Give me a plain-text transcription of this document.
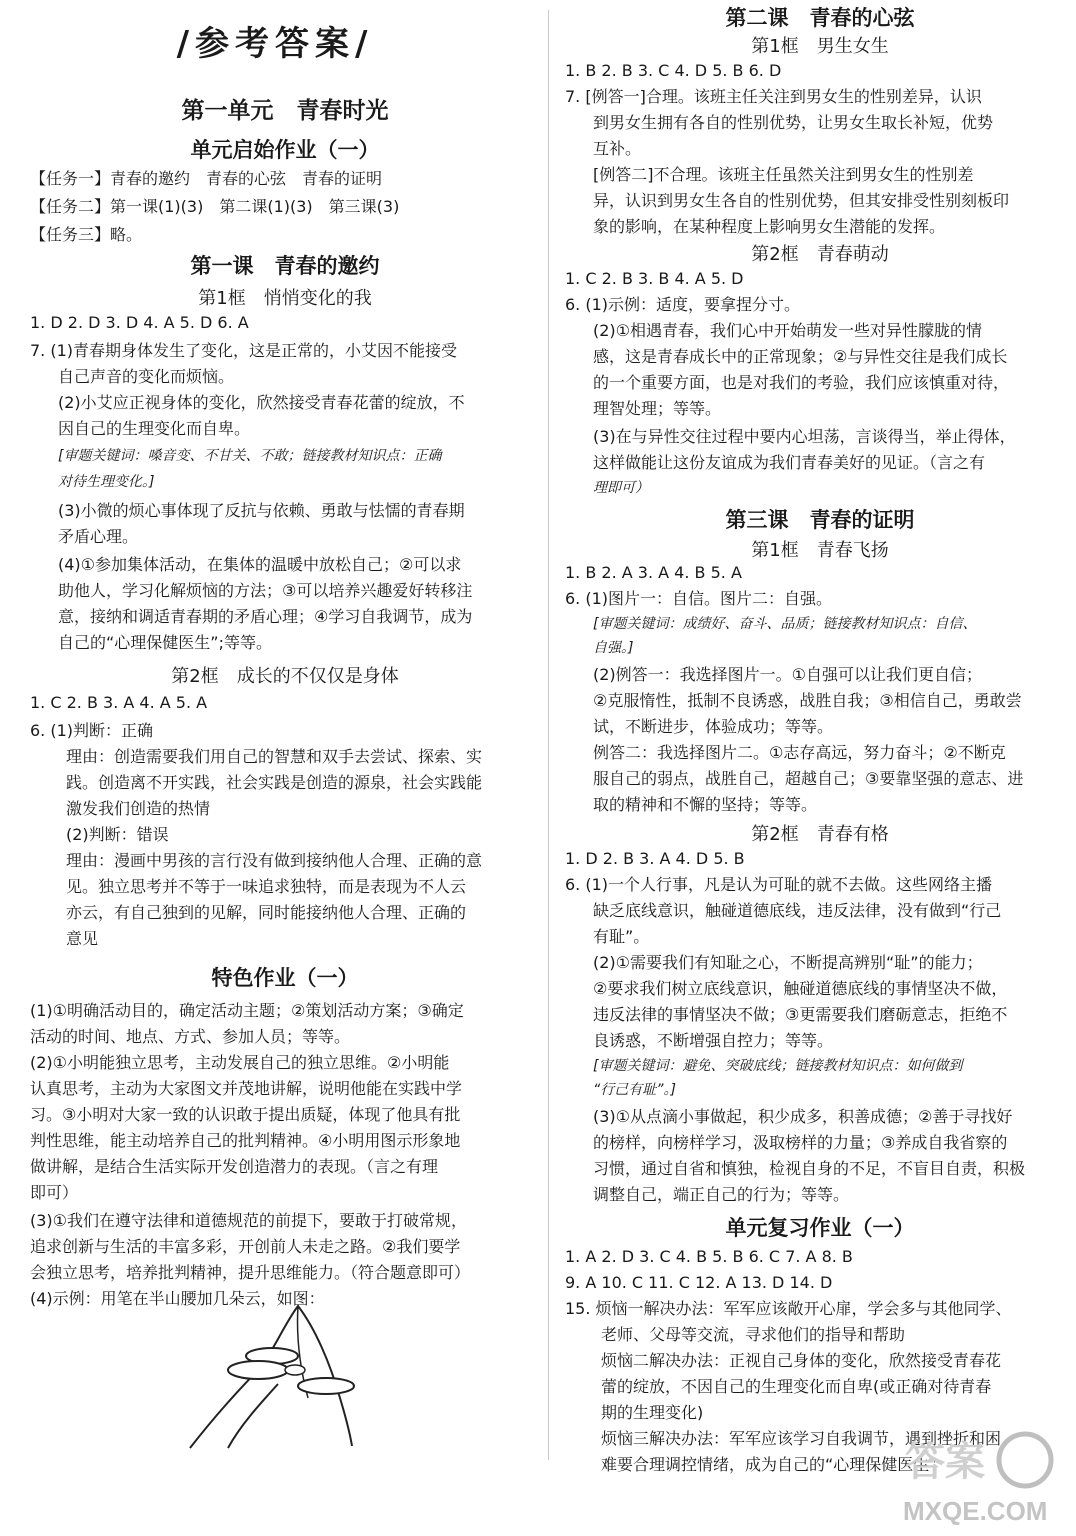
/参考答案/
第一单元　青春时光
单元启始作业（一）
【任务一】青春的邀约　青春的心弦　青春的证明
【任务二】第一课(1)(3)　第二课(1)(3)　第三课(3)
【任务三】略。
第一课　青春的邀约
第1框　悄悄变化的我
1. D 2. D 3. D 4. A 5. D 6. A
7. (1)青春期身体发生了变化，这是正常的，小艾因不能接受
自己声音的变化而烦恼。
(2)小艾应正视身体的变化，欣然接受青春花蕾的绽放，不
因自己的生理变化而自卑。
[审题关键词：嗓音变、不甘关、不敢；链接教材知识点：正确
对待生理变化。]
(3)小微的烦心事体现了反抗与依赖、勇敢与怯懦的青春期
矛盾心理。
(4)①参加集体活动，在集体的温暖中放松自己；②可以求
助他人，学习化解烦恼的方法；③可以培养兴趣爱好转移注
意，接纳和调适青春期的矛盾心理；④学习自我调节，成为
自己的“心理保健医生”;等等。
第2框　成长的不仅仅是身体
1. C 2. B 3. A 4. A 5. A
6. (1)判断：正确
理由：创造需要我们用自己的智慧和双手去尝试、探索、实
践。创造离不开实践，社会实践是创造的源泉，社会实践能
激发我们创造的热情
(2)判断：错误
理由：漫画中男孩的言行没有做到接纳他人合理、正确的意
见。独立思考并不等于一味追求独特，而是表现为不人云
亦云，有自己独到的见解，同时能接纳他人合理、正确的
意见
特色作业（一）
(1)①明确活动目的，确定活动主题；②策划活动方案；③确定
活动的时间、地点、方式、参加人员；等等。
(2)①小明能独立思考，主动发展自己的独立思维。②小明能
认真思考，主动为大家图文并茂地讲解，说明他能在实践中学
习。③小明对大家一致的认识敢于提出质疑，体现了他具有批
判性思维，能主动培养自己的批判精神。④小明用图示形象地
做讲解，是结合生活实际开发创造潜力的表现。（言之有理
即可）
(3)①我们在遵守法律和道德规范的前提下，要敢于打破常规，
追求创新与生活的丰富多彩，开创前人未走之路。②我们要学
会独立思考，培养批判精神，提升思维能力。（符合题意即可）
(4)示例：用笔在半山腰加几朵云，如图：
第二课　青春的心弦
第1框　男生女生
1. B 2. B 3. C 4. D 5. B 6. D
7. [例答一]合理。该班主任关注到男女生的性别差异，认识
到男女生拥有各自的性别优势，让男女生取长补短，优势
互补。
[例答二]不合理。该班主任虽然关注到男女生的性别差
异，认识到男女生各自的性别优势，但其安排受性别刻板印
象的影响，在某种程度上影响男女生潜能的发挥。
第2框　青春萌动
1. C 2. B 3. B 4. A 5. D
6. (1)示例：适度，要拿捏分寸。
(2)①相遇青春，我们心中开始萌发一些对异性朦胧的情
感，这是青春成长中的正常现象；②与异性交往是我们成长
的一个重要方面，也是对我们的考验，我们应该慎重对待，
理智处理；等等。
(3)在与异性交往过程中要内心坦荡，言谈得当，举止得体，
这样做能让这份友谊成为我们青春美好的见证。（言之有
理即可）
第三课　青春的证明
第1框　青春飞扬
1. B 2. A 3. A 4. B 5. A
6. (1)图片一：自信。图片二：自强。
[审题关键词：成绩好、奋斗、品质；链接教材知识点：自信、
自强。]
(2)例答一：我选择图片一。①自强可以让我们更自信；
②克服惰性，抵制不良诱惑，战胜自我；③相信自己，勇敢尝
试，不断进步，体验成功；等等。
例答二：我选择图片二。①志存高远，努力奋斗；②不断克
服自己的弱点，战胜自己，超越自己；③要靠坚强的意志、进
取的精神和不懈的坚持；等等。
第2框　青春有格
1. D 2. B 3. A 4. D 5. B
6. (1)一个人行事，凡是认为可耻的就不去做。这些网络主播
缺乏底线意识，触碰道德底线，违反法律，没有做到“行己
有耻”。
(2)①需要我们有知耻之心，不断提高辨别“耻”的能力；
②要求我们树立底线意识，触碰道德底线的事情坚决不做，
违反法律的事情坚决不做；③更需要我们磨砺意志，拒绝不
良诱惑，不断增强自控力；等等。
[审题关键词：避免、突破底线；链接教材知识点：如何做到
“行己有耻”。]
(3)①从点滴小事做起，积少成多，积善成德；②善于寻找好
的榜样，向榜样学习，汲取榜样的力量；③养成自我省察的
习惯，通过自省和慎独，检视自身的不足，不盲目自责，积极
调整自己，端正自己的行为；等等。
单元复习作业（一）
1. A 2. D 3. C 4. B 5. B 6. C 7. A 8. B
9. A 10. C 11. C 12. A 13. D 14. D
15. 烦恼一解决办法：军军应该敞开心扉，学会多与其他同学、
老师、父母等交流，寻求他们的指导和帮助
烦恼二解决办法：正视自己身体的变化，欣然接受青春花
蕾的绽放，不因自己的生理变化而自卑(或正确对待青春
期的生理变化)
烦恼三解决办法：军军应该学习自我调节，遇到挫折和困
难要合理调控情绪，成为自己的“心理保健医生”
答案
MXQE.COM
